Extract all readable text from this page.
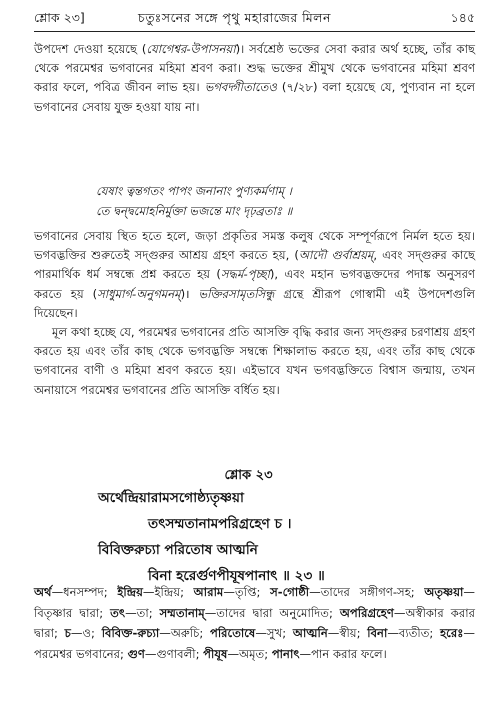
শ্লোক ২৩]	চতুঃসনের সঙ্গে পৃথু মহারাজের মিলন	১৪৫

উপদেশ দেওয়া হয়েছে (যোগেশ্বর-উপাসনয়া)। সর্বশ্রেষ্ঠ ভক্তের সেবা করার অর্থ হচ্ছে, তাঁর কাছ থেকে পরমেশ্বর ভগবানের মহিমা শ্রবণ করা। শুদ্ধ ভক্তের শ্রীমুখ থেকে ভগবানের মহিমা শ্রবণ করার ফলে, পবিত্র জীবন লাভ হয়। ভগবদ্গীতাতেও (৭/২৮) বলা হয়েছে যে, পুণ্যবান না হলে ভগবানের সেবায় যুক্ত হওয়া যায় না।

যেষাং ত্বন্তগতং পাপং জনানাং পুণ্যকর্মণাম্ ।

তে দ্বন্দ্বমোহনির্মুক্তা ভজন্তে মাং দৃঢ়ব্রতাঃ ॥

ভগবানের সেবায় স্থিত হতে হলে, জড়া প্রকৃতির সমস্ত কলুষ থেকে সম্পূর্ণরূপে নির্মল হতে হয়। ভগবদ্ভক্তির শুরুতেই সদ্গুরুর আশ্রয় গ্রহণ করতে হয়, (আদৌ গুর্বাশ্রয়ম্, এবং সদ্গুরুর কাছে পারমার্থিক ধর্ম সম্বন্ধে প্রশ্ন করতে হয় (সদ্ধর্ম-পৃচ্ছা), এবং মহান ভগবদ্ভক্তদের পদাঙ্ক অনুসরণ করতে হয় (সাধুমার্গ-অনুগমনম্)। ভক্তিরসামৃতসিন্ধু গ্রন্থে শ্রীরূপ গোস্বামী এই উপদেশগুলি দিয়েছেন।

মূল কথা হচ্ছে যে, পরমেশ্বর ভগবানের প্রতি আসক্তি বৃদ্ধি করার জন্য সদ্গুরুর চরণাশ্রয় গ্রহণ করতে হয় এবং তাঁর কাছ থেকে ভগবদ্ভক্তি সম্বন্ধে শিক্ষালাভ করতে হয়, এবং তাঁর কাছ থেকে ভগবানের বাণী ও মহিমা শ্রবণ করতে হয়। এইভাবে যখন ভগবদ্ভক্তিতে বিশ্বাস জন্মায়, তখন অনায়াসে পরমেশ্বর ভগবানের প্রতি আসক্তি বর্ধিত হয়।

শ্লোক ২৩
অর্থেন্দ্রিয়ারামসগোষ্ঠ্যতৃষ্ণয়া
তৎসম্মতানামপরিগ্রহেণ চ ।
বিবিক্তরুচ্যা পরিতোষ আত্মনি
বিনা হরের্গুণপীযূষপানাৎ ॥ ২৩ ॥

অর্থ—ধনসম্পদ; ইন্দ্রিয়—ইন্দ্রিয়; আরাম—তৃপ্তি; স-গোষ্ঠী—তাদের সঙ্গীগণ-সহ; অতৃষ্ণয়া—বিতৃষ্ণার দ্বারা; তৎ—তা; সম্মতানাম্—তাদের দ্বারা অনুমোদিত; অপরিগ্রহেণ—অস্বীকার করার দ্বারা; চ—ও; বিবিক্ত-রুচ্যা—অরুচি; পরিতোষে—সুখ; আত্মনি—স্বীয়; বিনা—ব্যতীত; হরেঃ—পরমেশ্বর ভগবানের; গুণ—গুণাবলী; পীযূষ—অমৃত; পানাৎ—পান করার ফলে।
